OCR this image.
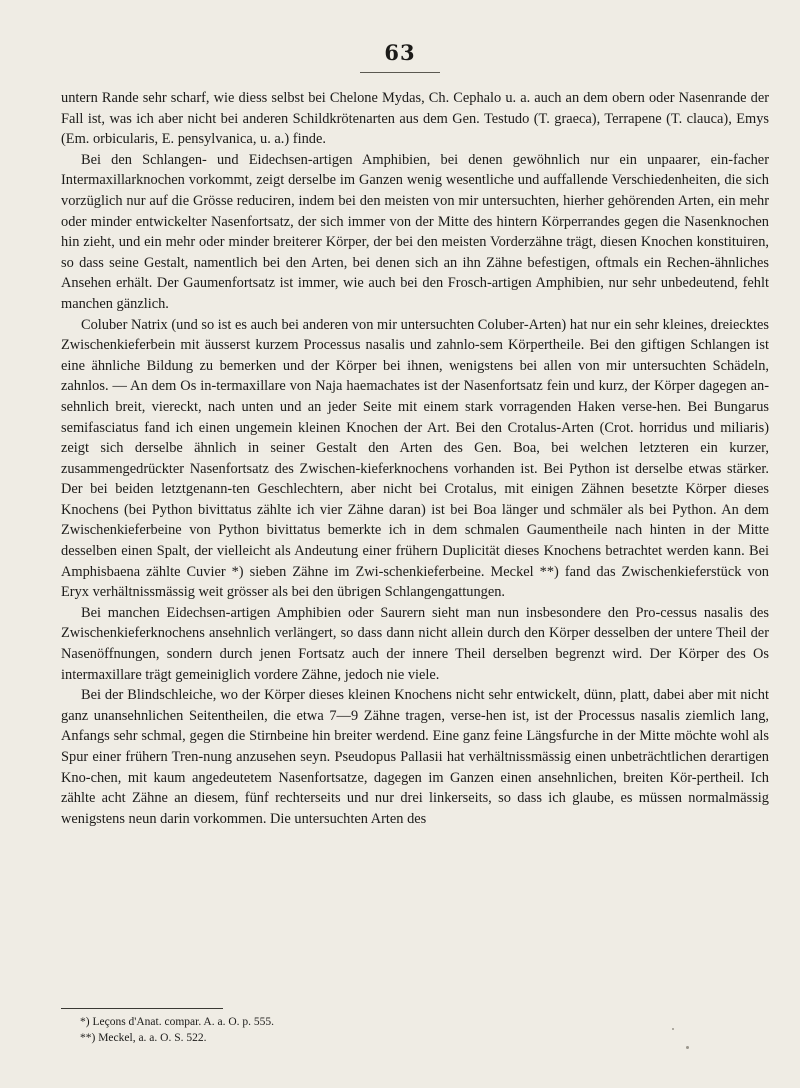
63

untern Rande sehr scharf, wie diess selbst bei Chelone Mydas, Ch. Cephalo u. a. auch an dem obern oder Nasenrande der Fall ist, was ich aber nicht bei anderen Schildkrötenarten aus dem Gen. Testudo (T. graeca), Terrapene (T. clauca), Emys (Em. orbicularis, E. pensylvanica, u. a.) finde.

Bei den Schlangen- und Eidechsen-artigen Amphibien, bei denen gewöhnlich nur ein unpaarer, ein-facher Intermaxillarknochen vorkommt, zeigt derselbe im Ganzen wenig wesentliche und auffallende Verschiedenheiten, die sich vorzüglich nur auf die Grösse reduciren, indem bei den meisten von mir untersuchten, hierher gehörenden Arten, ein mehr oder minder entwickelter Nasenfortsatz, der sich immer von der Mitte des hintern Körperrandes gegen die Nasenknochen hin zieht, und ein mehr oder minder breiterer Körper, der bei den meisten Vorderzähne trägt, diesen Knochen konstituiren, so dass seine Gestalt, namentlich bei den Arten, bei denen sich an ihn Zähne befestigen, oftmals ein Rechen-ähnliches Ansehen erhält. Der Gaumenfortsatz ist immer, wie auch bei den Frosch-artigen Amphibien, nur sehr unbedeutend, fehlt manchen gänzlich.

Coluber Natrix (und so ist es auch bei anderen von mir untersuchten Coluber-Arten) hat nur ein sehr kleines, dreiecktes Zwischenkieferbein mit äusserst kurzem Processus nasalis und zahnlo-sem Körpertheile. Bei den giftigen Schlangen ist eine ähnliche Bildung zu bemerken und der Körper bei ihnen, wenigstens bei allen von mir untersuchten Schädeln, zahnlos. — An dem Os in-termaxillare von Naja haemachates ist der Nasenfortsatz fein und kurz, der Körper dagegen an-sehnlich breit, viereckt, nach unten und an jeder Seite mit einem stark vorragenden Haken verse-hen. Bei Bungarus semifasciatus fand ich einen ungemein kleinen Knochen der Art. Bei den Crotalus-Arten (Crot. horridus und miliaris) zeigt sich derselbe ähnlich in seiner Gestalt den Arten des Gen. Boa, bei welchen letzteren ein kurzer, zusammengedrückter Nasenfortsatz des Zwischen-kieferknochens vorhanden ist. Bei Python ist derselbe etwas stärker. Der bei beiden letztgenann-ten Geschlechtern, aber nicht bei Crotalus, mit einigen Zähnen besetzte Körper dieses Knochens (bei Python bivittatus zählte ich vier Zähne daran) ist bei Boa länger und schmäler als bei Python. An dem Zwischenkieferbeine von Python bivittatus bemerkte ich in dem schmalen Gaumentheile nach hinten in der Mitte desselben einen Spalt, der vielleicht als Andeutung einer frühern Duplicität dieses Knochens betrachtet werden kann. Bei Amphisbaena zählte Cuvier *) sieben Zähne im Zwi-schenkieferbeine. Meckel **) fand das Zwischenkieferstück von Eryx verhältnissmässig weit grösser als bei den übrigen Schlangengattungen.

Bei manchen Eidechsen-artigen Amphibien oder Saurern sieht man nun insbesondere den Pro-cessus nasalis des Zwischenkieferknochens ansehnlich verlängert, so dass dann nicht allein durch den Körper desselben der untere Theil der Nasenöffnungen, sondern durch jenen Fortsatz auch der innere Theil derselben begrenzt wird. Der Körper des Os intermaxillare trägt gemeiniglich vordere Zähne, jedoch nie viele.

Bei der Blindschleiche, wo der Körper dieses kleinen Knochens nicht sehr entwickelt, dünn, platt, dabei aber mit nicht ganz unansehnlichen Seitentheilen, die etwa 7—9 Zähne tragen, verse-hen ist, ist der Processus nasalis ziemlich lang, Anfangs sehr schmal, gegen die Stirnbeine hin breiter werdend. Eine ganz feine Längsfurche in der Mitte möchte wohl als Spur einer frühern Tren-nung anzusehen seyn. Pseudopus Pallasii hat verhältnissmässig einen unbeträchtlichen derartigen Kno-chen, mit kaum angedeutetem Nasenfortsatze, dagegen im Ganzen einen ansehnlichen, breiten Kör-pertheil. Ich zählte acht Zähne an diesem, fünf rechterseits und nur drei linkerseits, so dass ich glaube, es müssen normalmässig wenigstens neun darin vorkommen. Die untersuchten Arten des

*) Leçons d'Anat. compar. A. a. O. p. 555.

**) Meckel, a. a. O. S. 522.
